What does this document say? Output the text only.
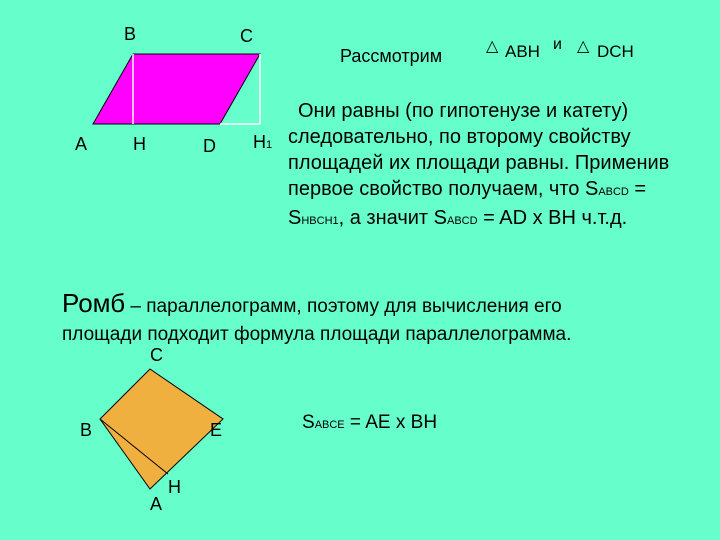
B	C
A	H	D H1
Рассмотрим	△ ABH и △ DCH
Они равны (по гипотенузе и катету)
следовательно, по второму свойству
площадей их площади равны. Применив
первое свойство получаем, что SABCD =
SHBCH1, а значит SABCD = AD x BH ч.т.д.
Ромб – параллелограмм, поэтому для вычисления его
площади подходит формула площади параллелограмма.
C
B	E
A
H
SABCE = AE x BH
